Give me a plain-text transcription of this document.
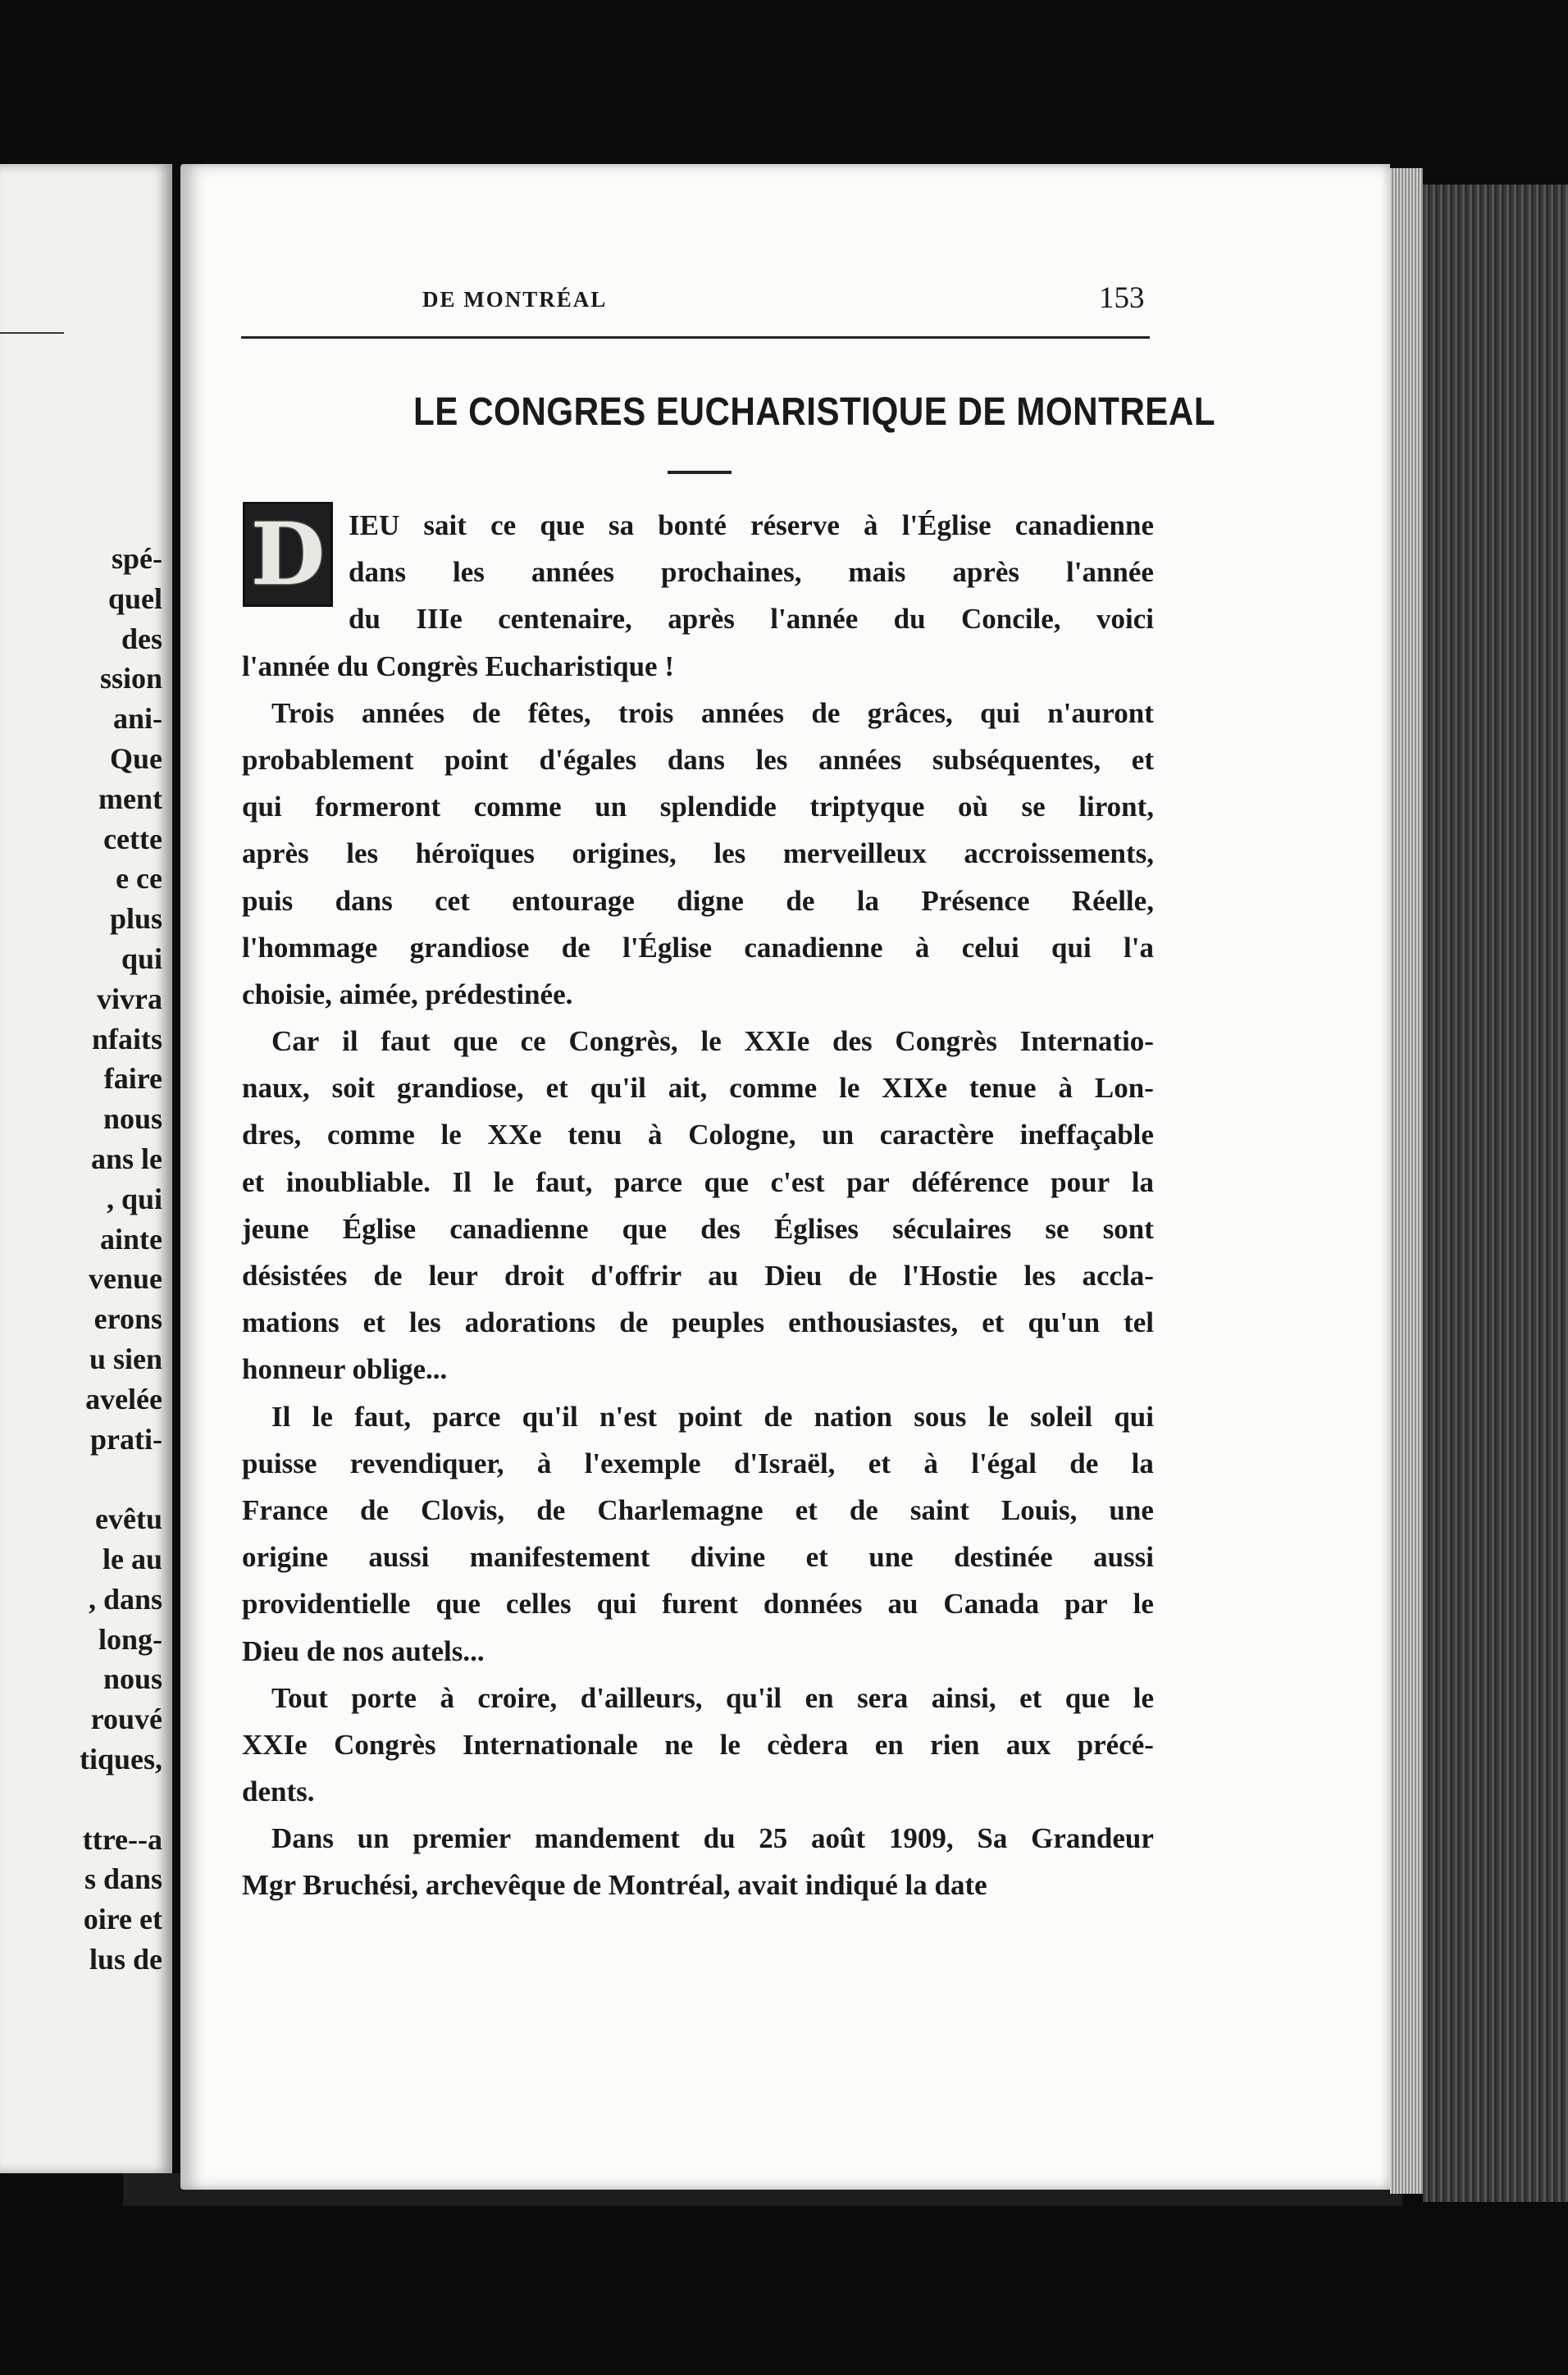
spé-
quel
des
ssion
ani-
Que
ment
cette
e ce
plus
qui
vivra
nfaits
faire
nous
ans le
, qui
ainte
venue
erons
u sien
avelée
prati-
evêtu
le au
, dans
long-
nous
rouvé
tiques,
ttre--a
s dans
oire et
lus de
DE MONTRÉAL	153
LE CONGRES EUCHARISTIQUE DE MONTREAL
D IEU sait ce que sa bonté réserve à l'Église canadienne
dans les années prochaines, mais après l'année
du IIIe centenaire, après l'année du Concile, voici
l'année du Congrès Eucharistique !
Trois années de fêtes, trois années de grâces, qui n'auront
probablement point d'égales dans les années subséquentes, et
qui formeront comme un splendide triptyque où se liront,
après les héroïques origines, les merveilleux accroissements,
puis dans cet entourage digne de la Présence Réelle,
l'hommage grandiose de l'Église canadienne à celui qui l'a
choisie, aimée, prédestinée.
Car il faut que ce Congrès, le XXIe des Congrès Internatio-
naux, soit grandiose, et qu'il ait, comme le XIXe tenue à Lon-
dres, comme le XXe tenu à Cologne, un caractère ineffaçable
et inoubliable. Il le faut, parce que c'est par déférence pour la
jeune Église canadienne que des Églises séculaires se sont
désistées de leur droit d'offrir au Dieu de l'Hostie les accla-
mations et les adorations de peuples enthousiastes, et qu'un tel
honneur oblige...
Il le faut, parce qu'il n'est point de nation sous le soleil qui
puisse revendiquer, à l'exemple d'Israël, et à l'égal de la
France de Clovis, de Charlemagne et de saint Louis, une
origine aussi manifestement divine et une destinée aussi
providentielle que celles qui furent données au Canada par le
Dieu de nos autels...
Tout porte à croire, d'ailleurs, qu'il en sera ainsi, et que le
XXIe Congrès Internationale ne le cèdera en rien aux précé-
dents.
Dans un premier mandement du 25 août 1909, Sa Grandeur
Mgr Bruchési, archevêque de Montréal, avait indiqué la date
